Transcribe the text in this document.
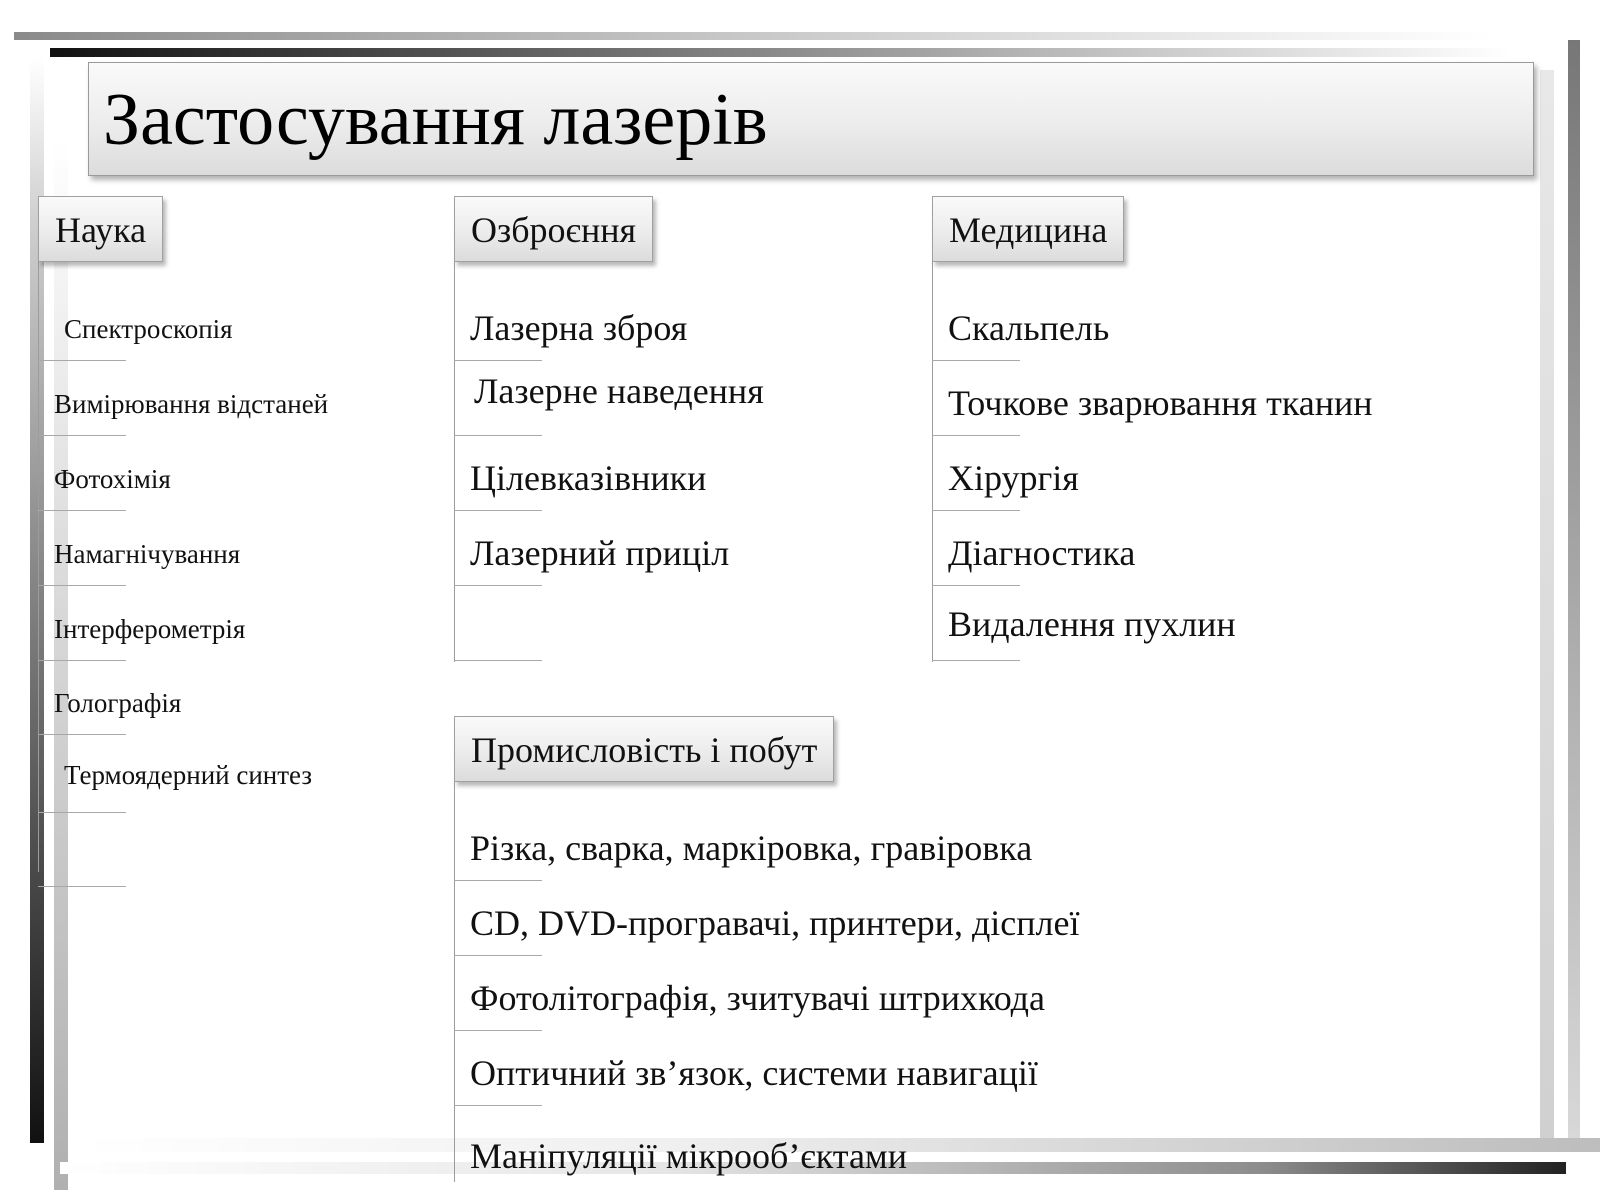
Застосування лазерів
Наука
Спектроскопія
Вимірювання відстаней
Фотохімія
Намагнічування
Інтерферометрія
Голографія
Термоядерний синтез
Озброєння
Лазерна зброя
Лазерне наведення
Цілевказівники
Лазерний приціл
Медицина
Скальпель
Точкове зварювання тканин
Хірургія
Діагностика
Видалення пухлин
Промисловість і побут
Різка, сварка, маркіровка, гравіровка
CD, DVD-програвачі, принтери, дісплеї
Фотолітографія, зчитувачі штрихкода
Оптичний зв’язок, системи навигації
Маніпуляції мікрооб’єктами
